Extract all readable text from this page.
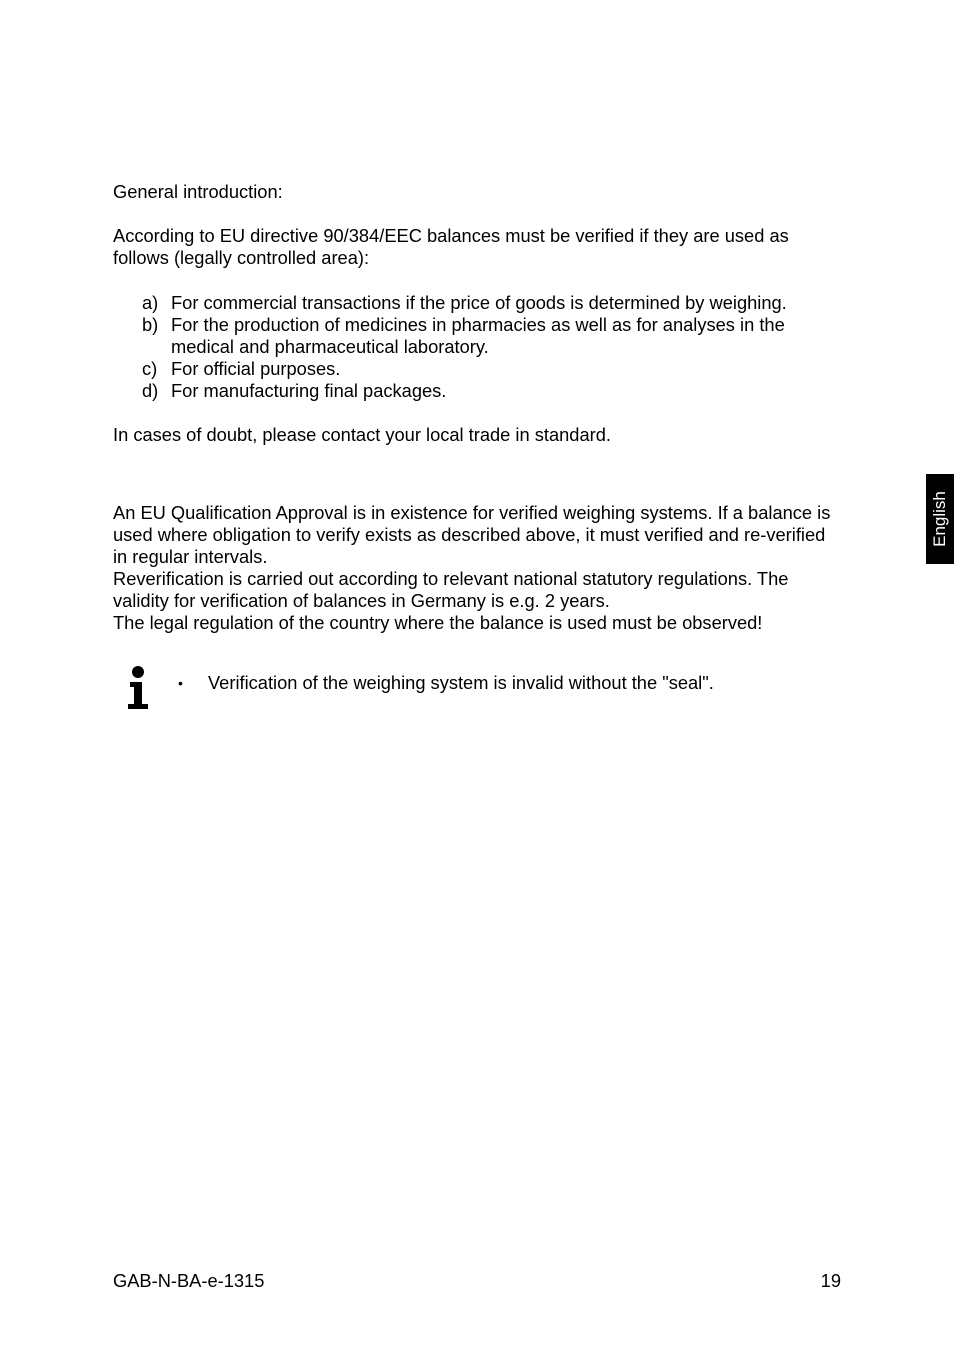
General introduction:

According to EU directive 90/384/EEC balances must be verified if they are used as follows (legally controlled area):

a) For commercial transactions if the price of goods is determined by weighing.
b) For the production of medicines in pharmacies as well as for analyses in the medical and pharmaceutical laboratory.
c) For official purposes.
d) For manufacturing final packages.

In cases of doubt, please contact your local trade in standard.

An EU Qualification Approval is in existence for verified weighing systems. If a balance is used where obligation to verify exists as described above, it must verified and re-verified in regular intervals.

Reverification is carried out according to relevant national statutory regulations. The validity for verification of balances in Germany is e.g. 2 years.

The legal regulation of the country where the balance is used must be observed!

•	Verification of the weighing system is invalid without the "seal".
English
GAB-N-BA-e-1315	19
